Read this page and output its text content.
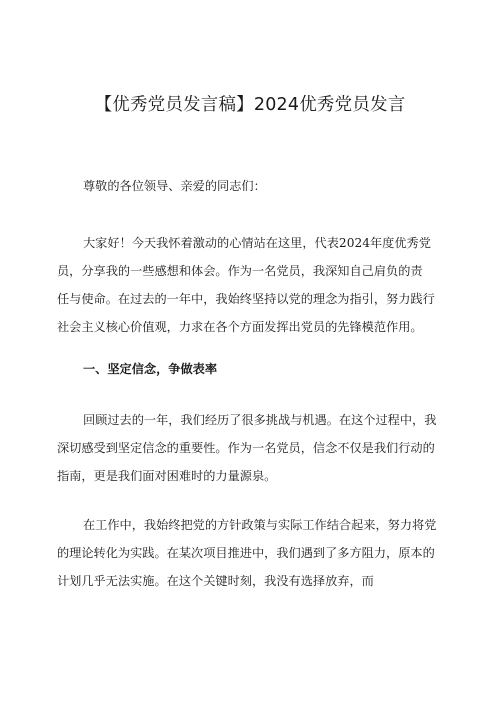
【优秀党员发言稿】2024优秀党员发言
尊敬的各位领导、亲爱的同志们：
大家好！今天我怀着激动的心情站在这里，代表2024年度优秀党
员，分享我的一些感想和体会。作为一名党员，我深知自己肩负的责
任与使命。在过去的一年中，我始终坚持以党的理念为指引，努力践行
社会主义核心价值观，力求在各个方面发挥出党员的先锋模范作用。
一、坚定信念，争做表率
回顾过去的一年，我们经历了很多挑战与机遇。在这个过程中，我
深切感受到坚定信念的重要性。作为一名党员，信念不仅是我们行动的
指南，更是我们面对困难时的力量源泉。
在工作中，我始终把党的方针政策与实际工作结合起来，努力将党
的理论转化为实践。在某次项目推进中，我们遇到了多方阻力，原本的
计划几乎无法实施。在这个关键时刻，我没有选择放弃，而
